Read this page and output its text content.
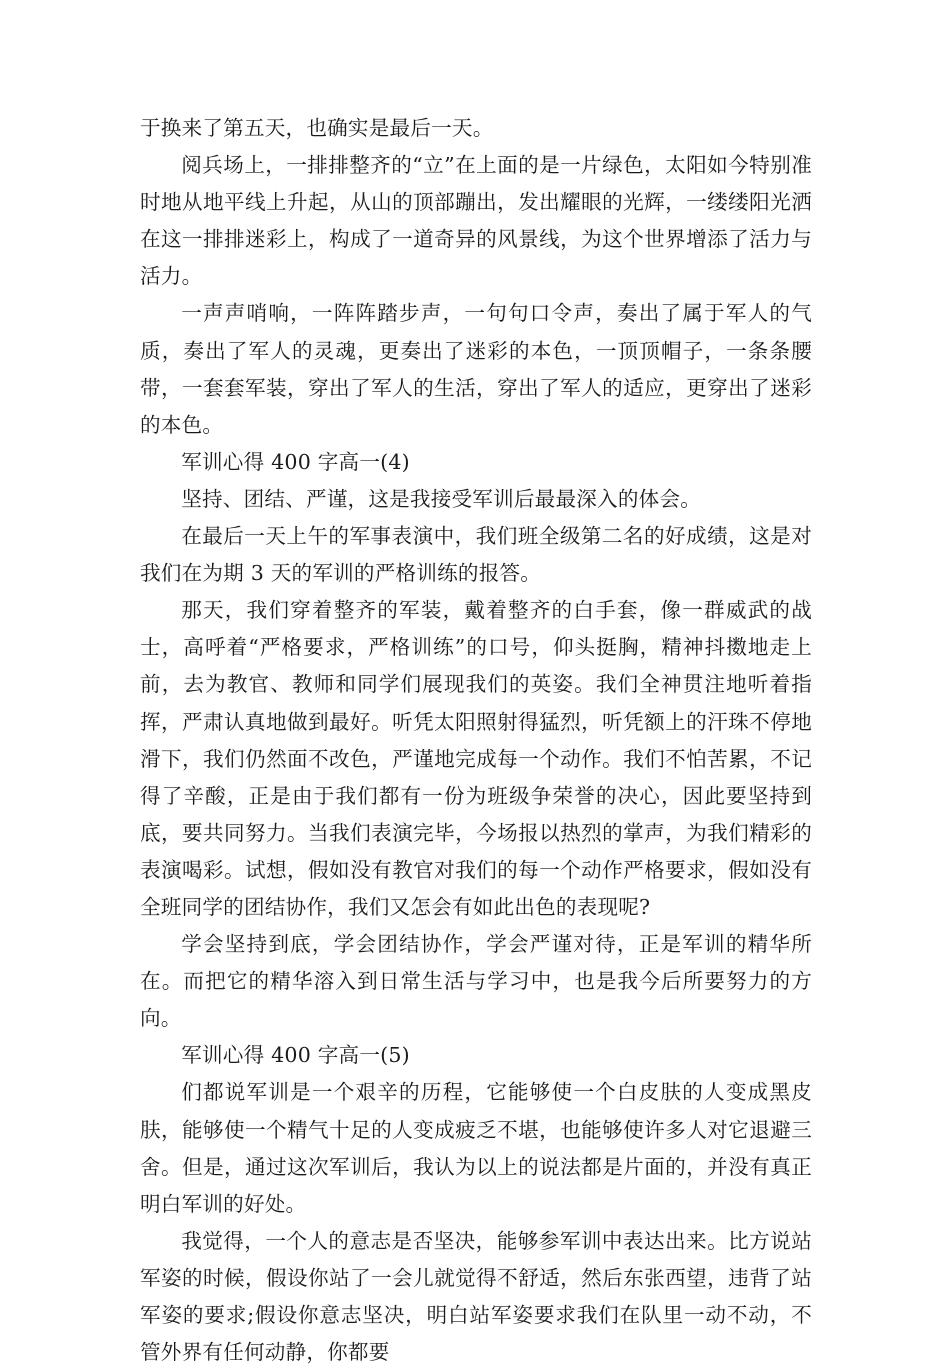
于换来了第五天，也确实是最后一天。

阅兵场上，一排排整齐的“立”在上面的是一片绿色，太阳如今特别准时地从地平线上升起，从山的顶部蹦出，发出耀眼的光辉，一缕缕阳光洒在这一排排迷彩上，构成了一道奇异的风景线，为这个世界增添了活力与活力。

一声声哨响，一阵阵踏步声，一句句口令声，奏出了属于军人的气质，奏出了军人的灵魂，更奏出了迷彩的本色，一顶顶帽子，一条条腰带，一套套军装，穿出了军人的生活，穿出了军人的适应，更穿出了迷彩的本色。

军训心得 400 字高一(4)

坚持、团结、严谨，这是我接受军训后最最深入的体会。

在最后一天上午的军事表演中，我们班全级第二名的好成绩，这是对我们在为期 3 天的军训的严格训练的报答。

那天，我们穿着整齐的军装，戴着整齐的白手套，像一群威武的战士，高呼着“严格要求，严格训练”的口号，仰头挺胸，精神抖擞地走上前，去为教官、教师和同学们展现我们的英姿。我们全神贯注地听着指挥，严肃认真地做到最好。听凭太阳照射得猛烈，听凭额上的汗珠不停地滑下，我们仍然面不改色，严谨地完成每一个动作。我们不怕苦累，不记得了辛酸，正是由于我们都有一份为班级争荣誉的决心，因此要坚持到底，要共同努力。当我们表演完毕，今场报以热烈的掌声，为我们精彩的表演喝彩。试想，假如没有教官对我们的每一个动作严格要求，假如没有全班同学的团结协作，我们又怎会有如此出色的表现呢?

学会坚持到底，学会团结协作，学会严谨对待，正是军训的精华所在。而把它的精华溶入到日常生活与学习中，也是我今后所要努力的方向。

军训心得 400 字高一(5)

们都说军训是一个艰辛的历程，它能够使一个白皮肤的人变成黑皮肤，能够使一个精气十足的人变成疲乏不堪，也能够使许多人对它退避三舍。但是，通过这次军训后，我认为以上的说法都是片面的，并没有真正明白军训的好处。

我觉得，一个人的意志是否坚决，能够参军训中表达出来。比方说站军姿的时候，假设你站了一会儿就觉得不舒适，然后东张西望，违背了站军姿的要求;假设你意志坚决，明白站军姿要求我们在队里一动不动，不管外界有任何动静，你都要
